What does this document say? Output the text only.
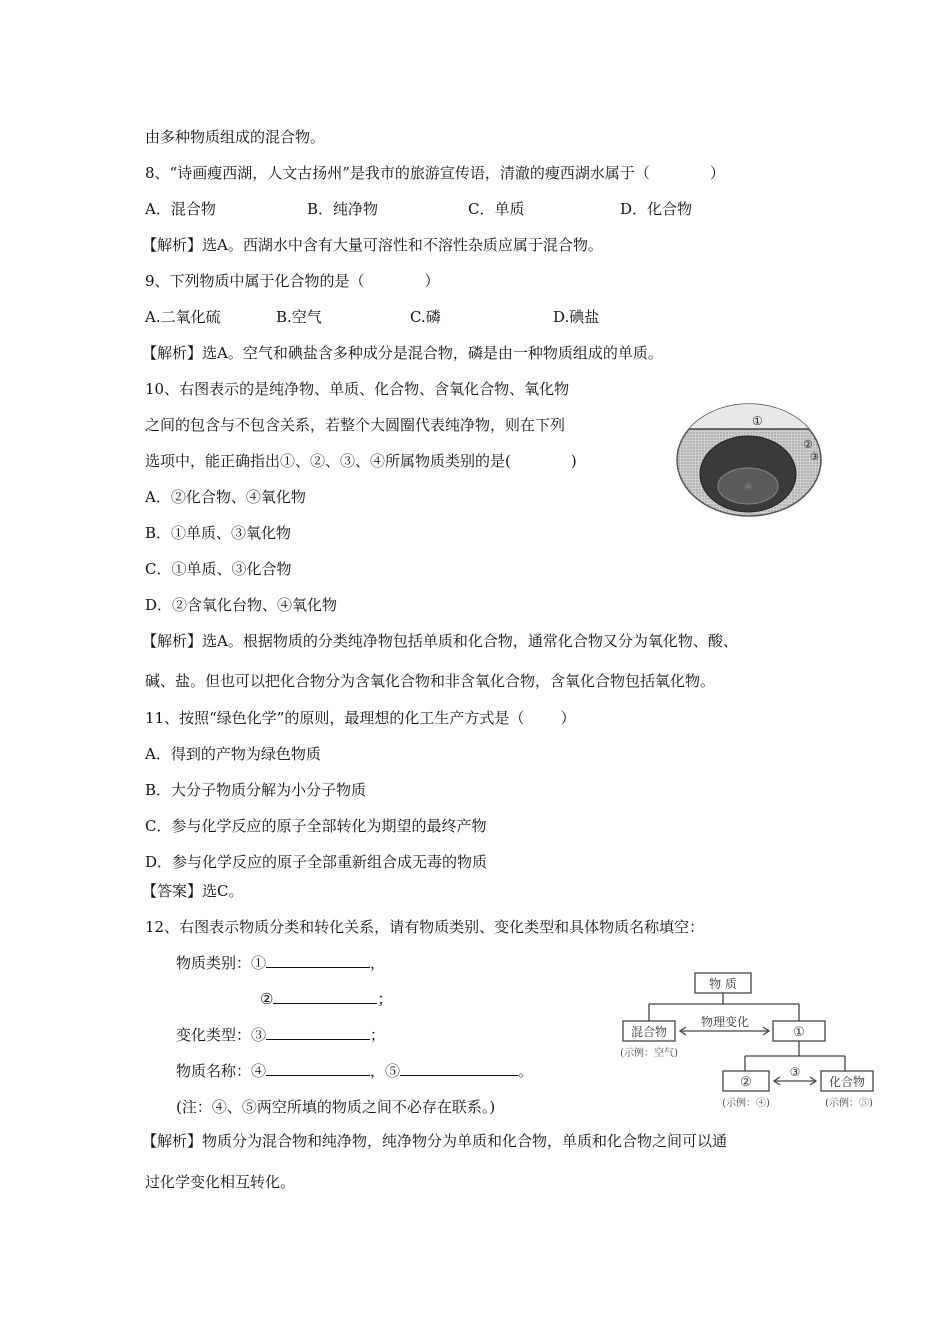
由多种物质组成的混合物。
8、“诗画瘦西湖，人文古扬州”是我市的旅游宣传语，清澈的瘦西湖水属于（	）
A．混合物	B．纯净物	C．单质	D．化合物
【解析】选A。西湖水中含有大量可溶性和不溶性杂质应属于混合物。
9、下列物质中属于化合物的是（	）
A.二氧化硫	B.空气	C.磷	D.碘盐
【解析】选A。空气和碘盐含多种成分是混合物，磷是由一种物质组成的单质。
10、右图表示的是纯净物、单质、化合物、含氧化合物、氧化物
之间的包含与不包含关系，若整个大圆圈代表纯净物，则在下列
选项中，能正确指出①、②、③、④所属物质类别的是(	)
A．②化合物、④氧化物
B．①单质、③氧化物
C．①单质、③化合物
D．②含氧化台物、④氧化物
【解析】选A。根据物质的分类纯净物包括单质和化合物，通常化合物又分为氧化物、酸、
碱、盐。但也可以把化合物分为含氧化合物和非含氧化合物，含氧化合物包括氧化物。
①
②
③
④
11、按照“绿色化学”的原则，最理想的化工生产方式是（ ）
A．得到的产物为绿色物质
B．大分子物质分解为小分子物质
C．参与化学反应的原子全部转化为期望的最终产物
D．参与化学反应的原子全部重新组合成无毒的物质
【答案】选C。
12、右图表示物质分类和转化关系，请有物质类别、变化类型和具体物质名称填空：
物质类别：①	，
②	；
变化类型：③	；
物质名称：④	，⑤	。
(注：④、⑤两空所填的物质之间不必存在联系。)
【解析】物质分为混合物和纯净物，纯净物分为单质和化合物，单质和化合物之间可以通
过化学变化相互转化。
物 质
混合物
物理变化
①
(示例：空气)
②
③
化合物
(示例：④)	(示例：⑤)
